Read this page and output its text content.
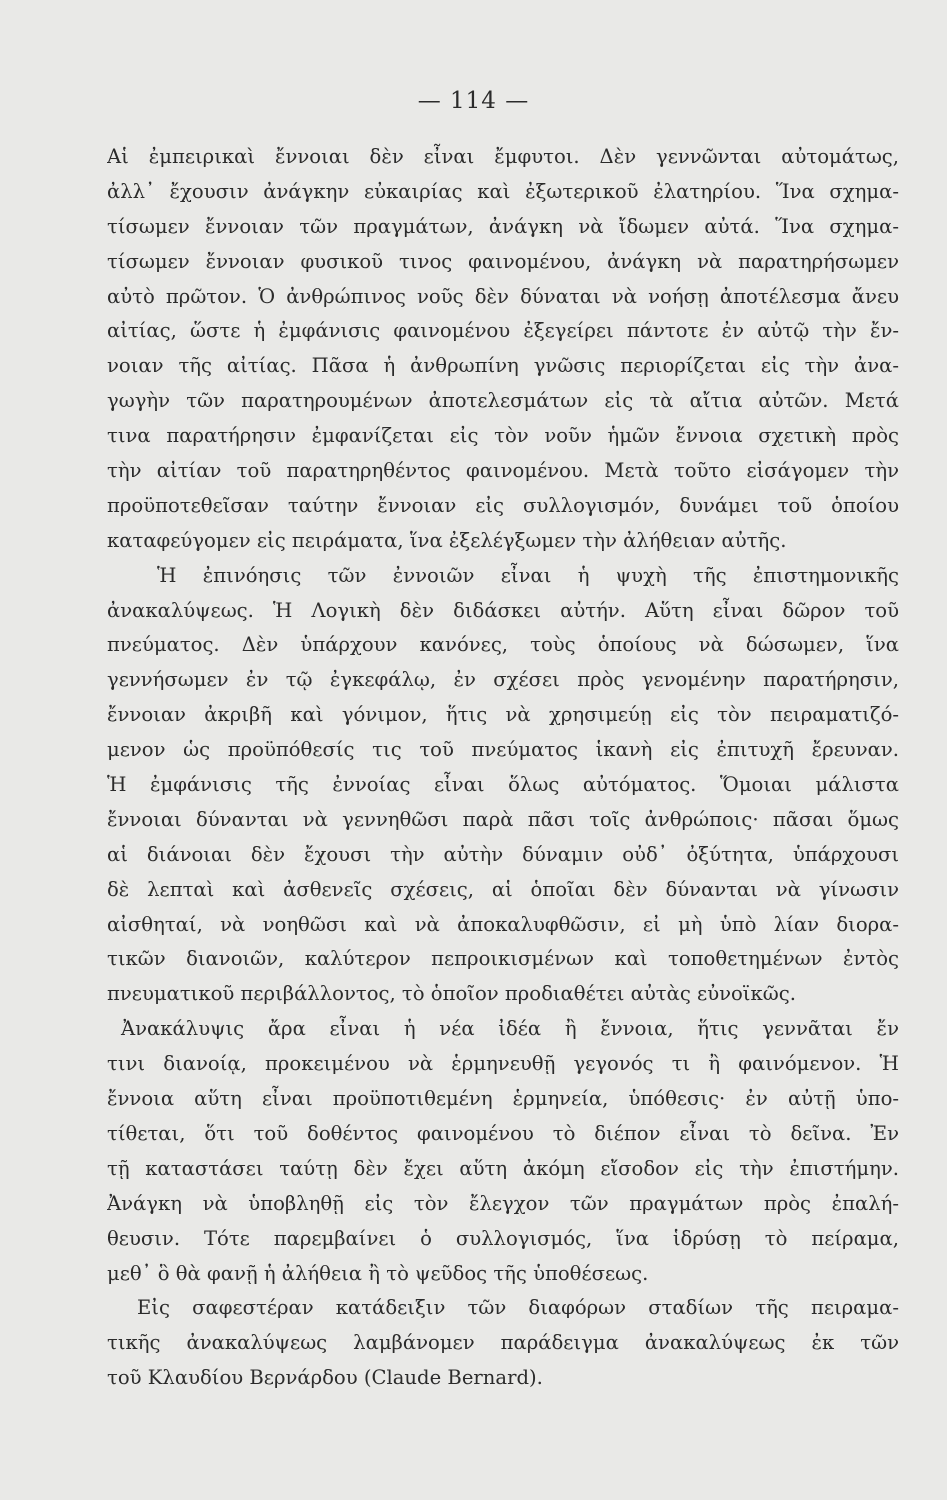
— 114 —
Αἱ ἐμπειρικαὶ ἔννοιαι δὲν εἶναι ἔμφυτοι. Δὲν γεννῶνται αὐτομάτως,
ἀλλ᾽ ἔχουσιν ἀνάγκην εὐκαιρίας καὶ ἐξωτερικοῦ ἐλατηρίου. Ἵνα σχημα-
τίσωμεν ἔννοιαν τῶν πραγμάτων, ἀνάγκη νὰ ἴδωμεν αὐτά. Ἵνα σχημα-
τίσωμεν ἔννοιαν φυσικοῦ τινος φαινομένου, ἀνάγκη νὰ παρατηρήσωμεν
αὐτὸ πρῶτον. Ὁ ἀνθρώπινος νοῦς δὲν δύναται νὰ νοήσῃ ἀποτέλεσμα ἄνευ
αἰτίας, ὥστε ἡ ἐμφάνισις φαινομένου ἐξεγείρει πάντοτε ἐν αὐτῷ τὴν ἔν-
νοιαν τῆς αἰτίας. Πᾶσα ἡ ἀνθρωπίνη γνῶσις περιορίζεται εἰς τὴν ἀνα-
γωγὴν τῶν παρατηρουμένων ἀποτελεσμάτων εἰς τὰ αἴτια αὐτῶν. Μετά
τινα παρατήρησιν ἐμφανίζεται εἰς τὸν νοῦν ἡμῶν ἔννοια σχετικὴ πρὸς
τὴν αἰτίαν τοῦ παρατηρηθέντος φαινομένου. Μετὰ τοῦτο εἰσάγομεν τὴν
προϋποτεθεῖσαν ταύτην ἔννοιαν εἰς συλλογισμόν, δυνάμει τοῦ ὁποίου
καταφεύγομεν εἰς πειράματα, ἵνα ἐξελέγξωμεν τὴν ἀλήθειαν αὐτῆς.
Ἡ ἐπινόησις τῶν ἐννοιῶν εἶναι ἡ ψυχὴ τῆς ἐπιστημονικῆς
ἀνακαλύψεως. Ἡ Λογικὴ δὲν διδάσκει αὐτήν. Αὕτη εἶναι δῶρον τοῦ
πνεύματος. Δὲν ὑπάρχουν κανόνες, τοὺς ὁποίους νὰ δώσωμεν, ἵνα
γεννήσωμεν ἐν τῷ ἐγκεφάλῳ, ἐν σχέσει πρὸς γενομένην παρατήρησιν,
ἔννοιαν ἀκριβῆ καὶ γόνιμον, ἥτις νὰ χρησιμεύῃ εἰς τὸν πειραματιζό-
μενον ὡς προϋπόθεσίς τις τοῦ πνεύματος ἱκανὴ εἰς ἐπιτυχῆ ἔρευναν.
Ἡ ἐμφάνισις τῆς ἐννοίας εἶναι ὅλως αὐτόματος. Ὅμοιαι μάλιστα
ἔννοιαι δύνανται νὰ γεννηθῶσι παρὰ πᾶσι τοῖς ἀνθρώποις· πᾶσαι ὅμως
αἱ διάνοιαι δὲν ἔχουσι τὴν αὐτὴν δύναμιν οὐδ᾽ ὀξύτητα, ὑπάρχουσι
δὲ λεπταὶ καὶ ἀσθενεῖς σχέσεις, αἱ ὁποῖαι δὲν δύνανται νὰ γίνωσιν
αἰσθηταί, νὰ νοηθῶσι καὶ νὰ ἀποκαλυφθῶσιν, εἰ μὴ ὑπὸ λίαν διορα-
τικῶν διανοιῶν, καλύτερον πεπροικισμένων καὶ τοποθετημένων ἐντὸς
πνευματικοῦ περιβάλλοντος, τὸ ὁποῖον προδιαθέτει αὐτὰς εὐνοϊκῶς.
Ἀνακάλυψις ἄρα εἶναι ἡ νέα ἰδέα ἢ ἔννοια, ἥτις γεννᾶται ἔν
τινι διανοίᾳ, προκειμένου νὰ ἑρμηνευθῇ γεγονός τι ἢ φαινόμενον. Ἡ
ἔννοια αὕτη εἶναι προϋποτιθεμένη ἑρμηνεία, ὑπόθεσις· ἐν αὐτῇ ὑπο-
τίθεται, ὅτι τοῦ δοθέντος φαινομένου τὸ διέπον εἶναι τὸ δεῖνα. Ἐν
τῇ καταστάσει ταύτῃ δὲν ἔχει αὕτη ἀκόμη εἴσοδον εἰς τὴν ἐπιστήμην.
Ἀνάγκη νὰ ὑποβληθῇ εἰς τὸν ἔλεγχον τῶν πραγμάτων πρὸς ἐπαλή-
θευσιν. Τότε παρεμβαίνει ὁ συλλογισμός, ἵνα ἱδρύσῃ τὸ πείραμα,
μεθ᾽ ὃ θὰ φανῇ ἡ ἀλήθεια ἢ τὸ ψεῦδος τῆς ὑποθέσεως.
Εἰς σαφεστέραν κατάδειξιν τῶν διαφόρων σταδίων τῆς πειραμα-
τικῆς ἀνακαλύψεως λαμβάνομεν παράδειγμα ἀνακαλύψεως ἐκ τῶν
τοῦ Κλαυδίου Βερνάρδου (Claude Bernard).
